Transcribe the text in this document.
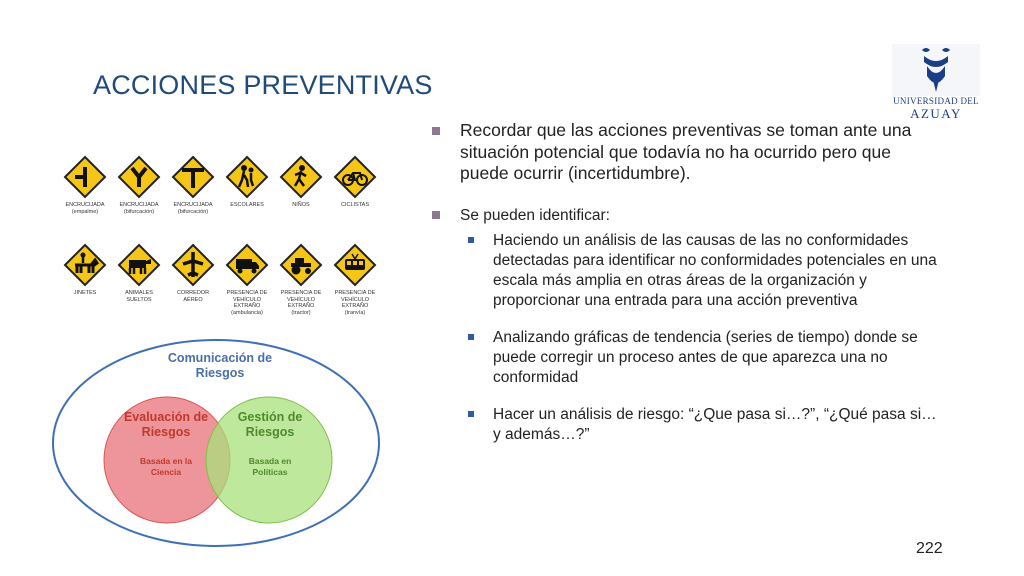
ACCIONES PREVENTIVAS
UNIVERSIDAD DEL
AZUAY
ENCRUCIJADA
(empalme)
ENCRUCIJADA
(bifurcación)
ENCRUCIJADA
(bifurcación)
ESCOLARES	NIÑOS	CICLISTAS
JINETES	ANIMALES
SUELTOS
CORREDOR
AÉREO
PRESENCIA DE
VEHÍCULO EXTRAÑO
(ambulancia)
PRESENCIA DE
VEHÍCULO EXTRAÑO
(tractor)
PRESENCIA DE
VEHÍCULO EXTRAÑO
(tranvía)
Comunicación de Riesgos
Evaluación de Riesgos
Basada en la Ciencia
Gestión de Riesgos
Basada en Políticas
Recordar que las acciones preventivas se toman ante una situación potencial que todavía no ha ocurrido pero que puede ocurrir (incertidumbre).
Se pueden identificar:
Haciendo un análisis de las causas de las no conformidades detectadas para identificar no conformidades potenciales en una escala más amplia en otras áreas de la organización y proporcionar una entrada para una acción preventiva
Analizando gráficas de tendencia (series de tiempo) donde se puede corregir un proceso antes de que aparezca una no conformidad
Hacer un análisis de riesgo: “¿Que pasa si…?”, “¿Qué pasa si… y además…?”
222
